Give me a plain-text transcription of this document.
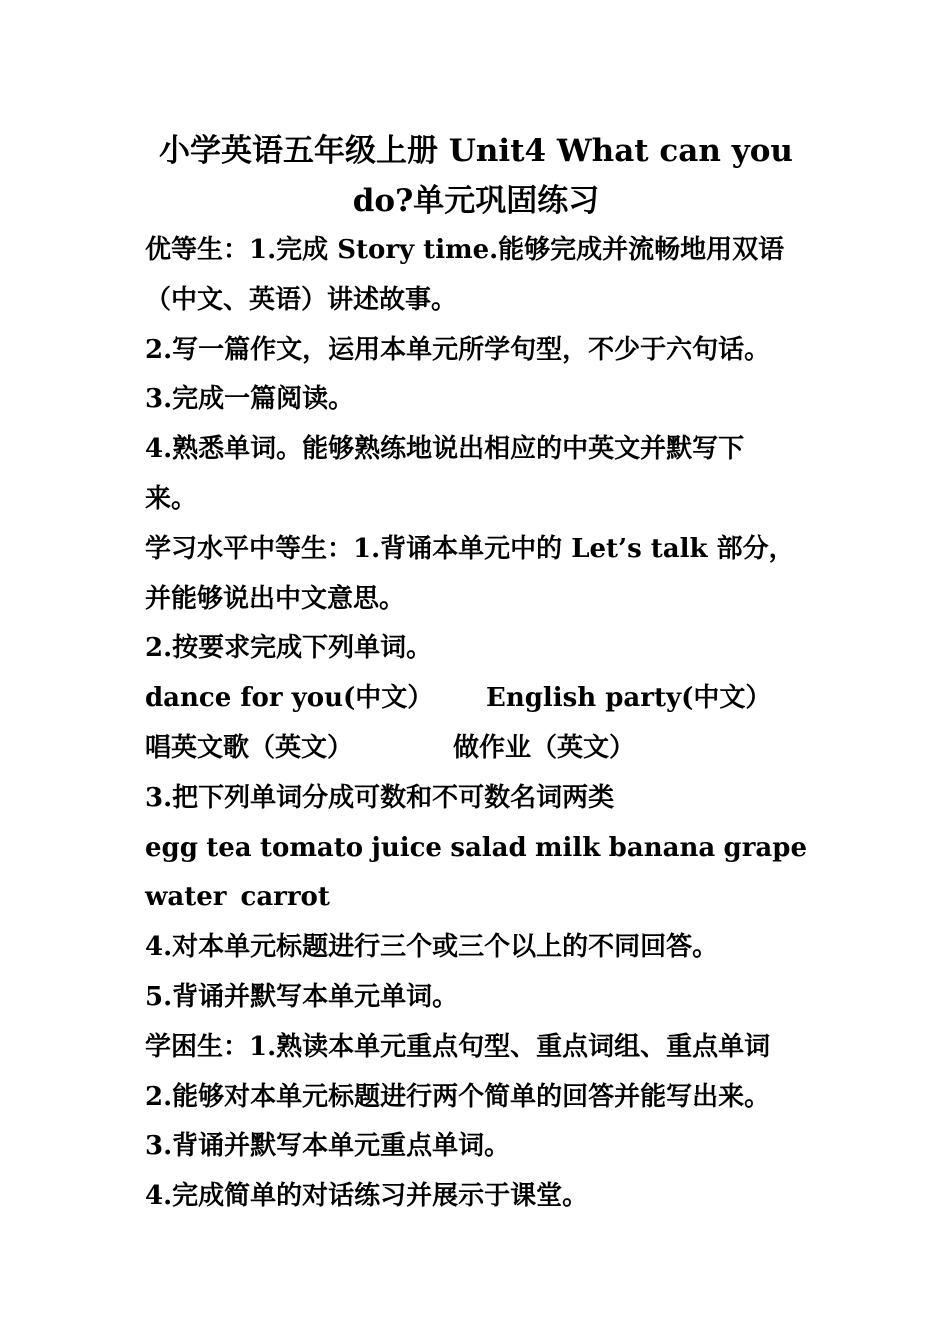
小学英语五年级上册 Unit4 What can you
do?单元巩固练习

优等生：1.完成 Story time.能够完成并流畅地用双语

（中文、英语）讲述故事。

2.写一篇作文，运用本单元所学句型，不少于六句话。

3.完成一篇阅读。

4.熟悉单词。能够熟练地说出相应的中英文并默写下

来。

学习水平中等生：1.背诵本单元中的 Let’s talk 部分，

并能够说出中文意思。

2.按要求完成下列单词。

dance for you(中文）	English party(中文）
唱英文歌（英文）	做作业（英文）

3.把下列单词分成可数和不可数名词两类

egg tea tomato juice salad milk banana grape
water carrot

4.对本单元标题进行三个或三个以上的不同回答。

5.背诵并默写本单元单词。

学困生：1.熟读本单元重点句型、重点词组、重点单词

2.能够对本单元标题进行两个简单的回答并能写出来。

3.背诵并默写本单元重点单词。

4.完成简单的对话练习并展示于课堂。
